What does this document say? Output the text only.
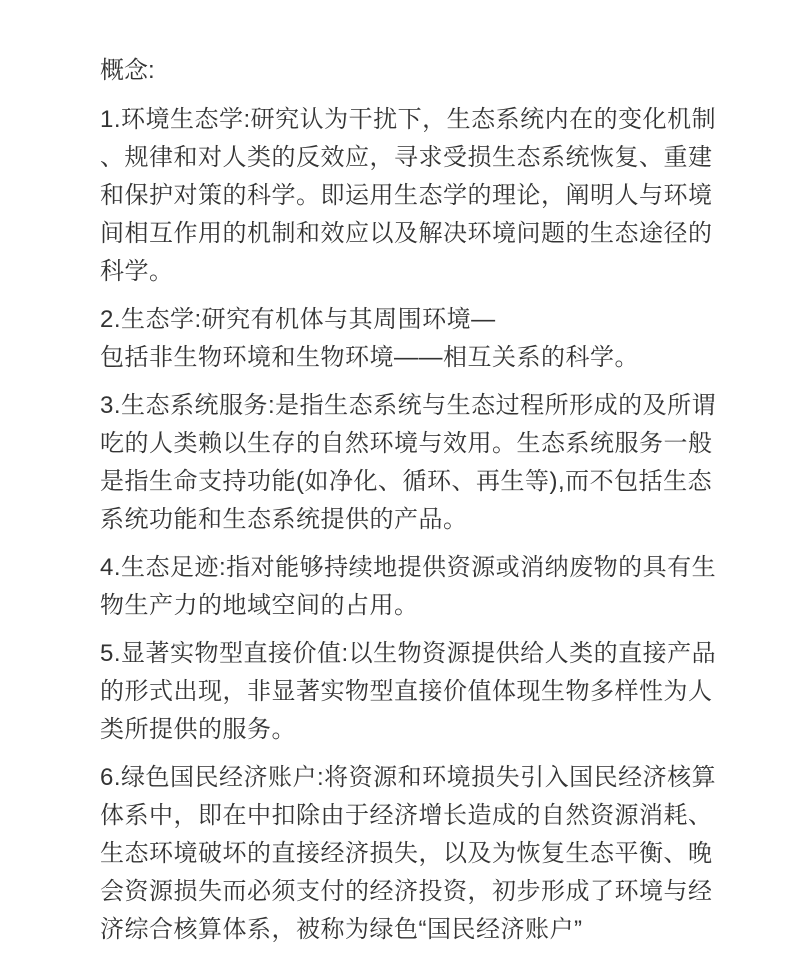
概念:
1.环境生态学:研究认为干扰下，生态系统内在的变化机制
、规律和对人类的反效应，寻求受损生态系统恢复、重建
和保护对策的科学。即运用生态学的理论，阐明人与环境
间相互作用的机制和效应以及解决环境问题的生态途径的
科学。
2.生态学:研究有机体与其周围环境—
包括非生物环境和生物环境——相互关系的科学。
3.生态系统服务:是指生态系统与生态过程所形成的及所谓
吃的人类赖以生存的自然环境与效用。生态系统服务一般
是指生命支持功能(如净化、循环、再生等),而不包括生态
系统功能和生态系统提供的产品。
4.生态足迹:指对能够持续地提供资源或消纳废物的具有生
物生产力的地域空间的占用。
5.显著实物型直接价值:以生物资源提供给人类的直接产品
的形式出现，非显著实物型直接价值体现生物多样性为人
类所提供的服务。
6.绿色国民经济账户:将资源和环境损失引入国民经济核算
体系中，即在中扣除由于经济增长造成的自然资源消耗、
生态环境破坏的直接经济损失，以及为恢复生态平衡、晚
会资源损失而必须支付的经济投资，初步形成了环境与经
济综合核算体系，被称为绿色“国民经济账户”
